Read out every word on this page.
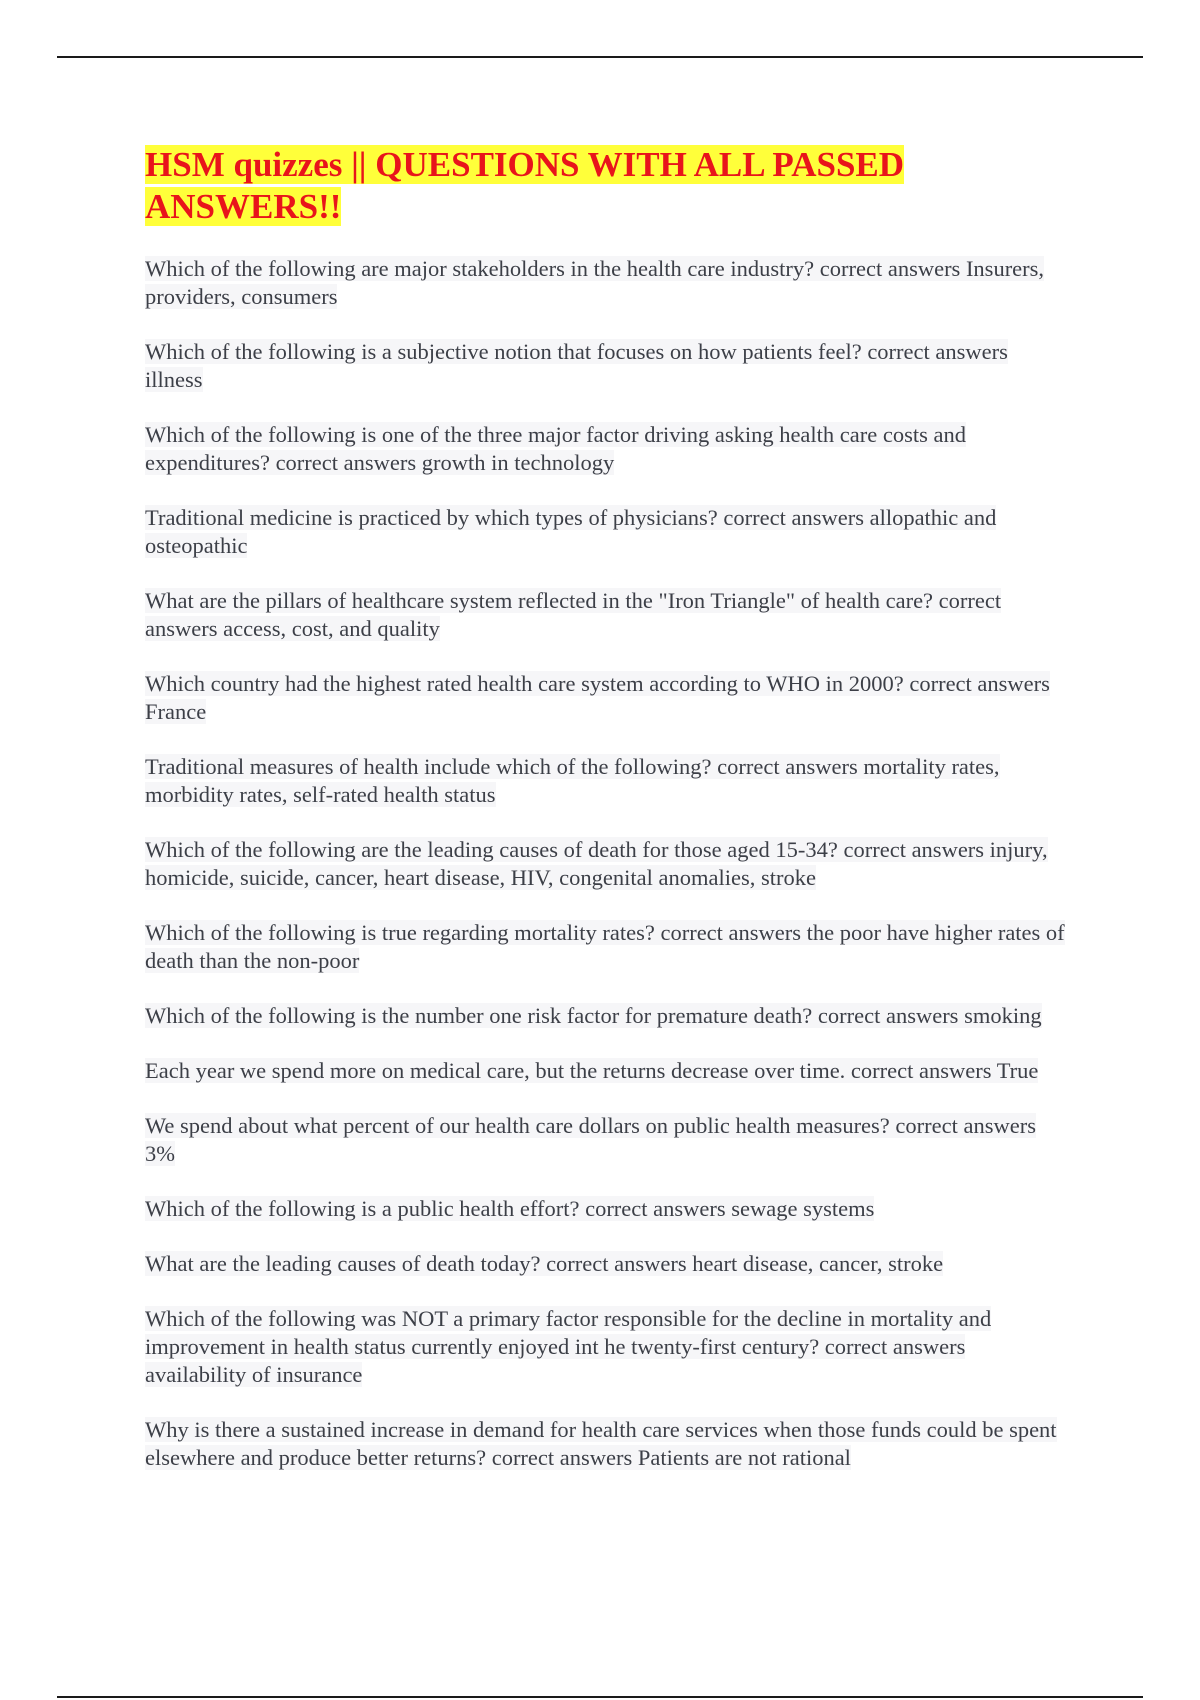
HSM quizzes || QUESTIONS WITH ALL PASSED ANSWERS!!

Which of the following are major stakeholders in the health care industry? correct answers Insurers, providers, consumers

Which of the following is a subjective notion that focuses on how patients feel? correct answers illness

Which of the following is one of the three major factor driving asking health care costs and expenditures? correct answers growth in technology

Traditional medicine is practiced by which types of physicians? correct answers allopathic and osteopathic

What are the pillars of healthcare system reflected in the "Iron Triangle" of health care? correct answers access, cost, and quality

Which country had the highest rated health care system according to WHO in 2000? correct answers France

Traditional measures of health include which of the following? correct answers mortality rates, morbidity rates, self-rated health status

Which of the following are the leading causes of death for those aged 15-34? correct answers injury, homicide, suicide, cancer, heart disease, HIV, congenital anomalies, stroke

Which of the following is true regarding mortality rates? correct answers the poor have higher rates of death than the non-poor

Which of the following is the number one risk factor for premature death? correct answers smoking

Each year we spend more on medical care, but the returns decrease over time. correct answers True

We spend about what percent of our health care dollars on public health measures? correct answers 3%

Which of the following is a public health effort? correct answers sewage systems

What are the leading causes of death today? correct answers heart disease, cancer, stroke

Which of the following was NOT a primary factor responsible for the decline in mortality and improvement in health status currently enjoyed int he twenty-first century? correct answers availability of insurance

Why is there a sustained increase in demand for health care services when those funds could be spent elsewhere and produce better returns? correct answers Patients are not rational
